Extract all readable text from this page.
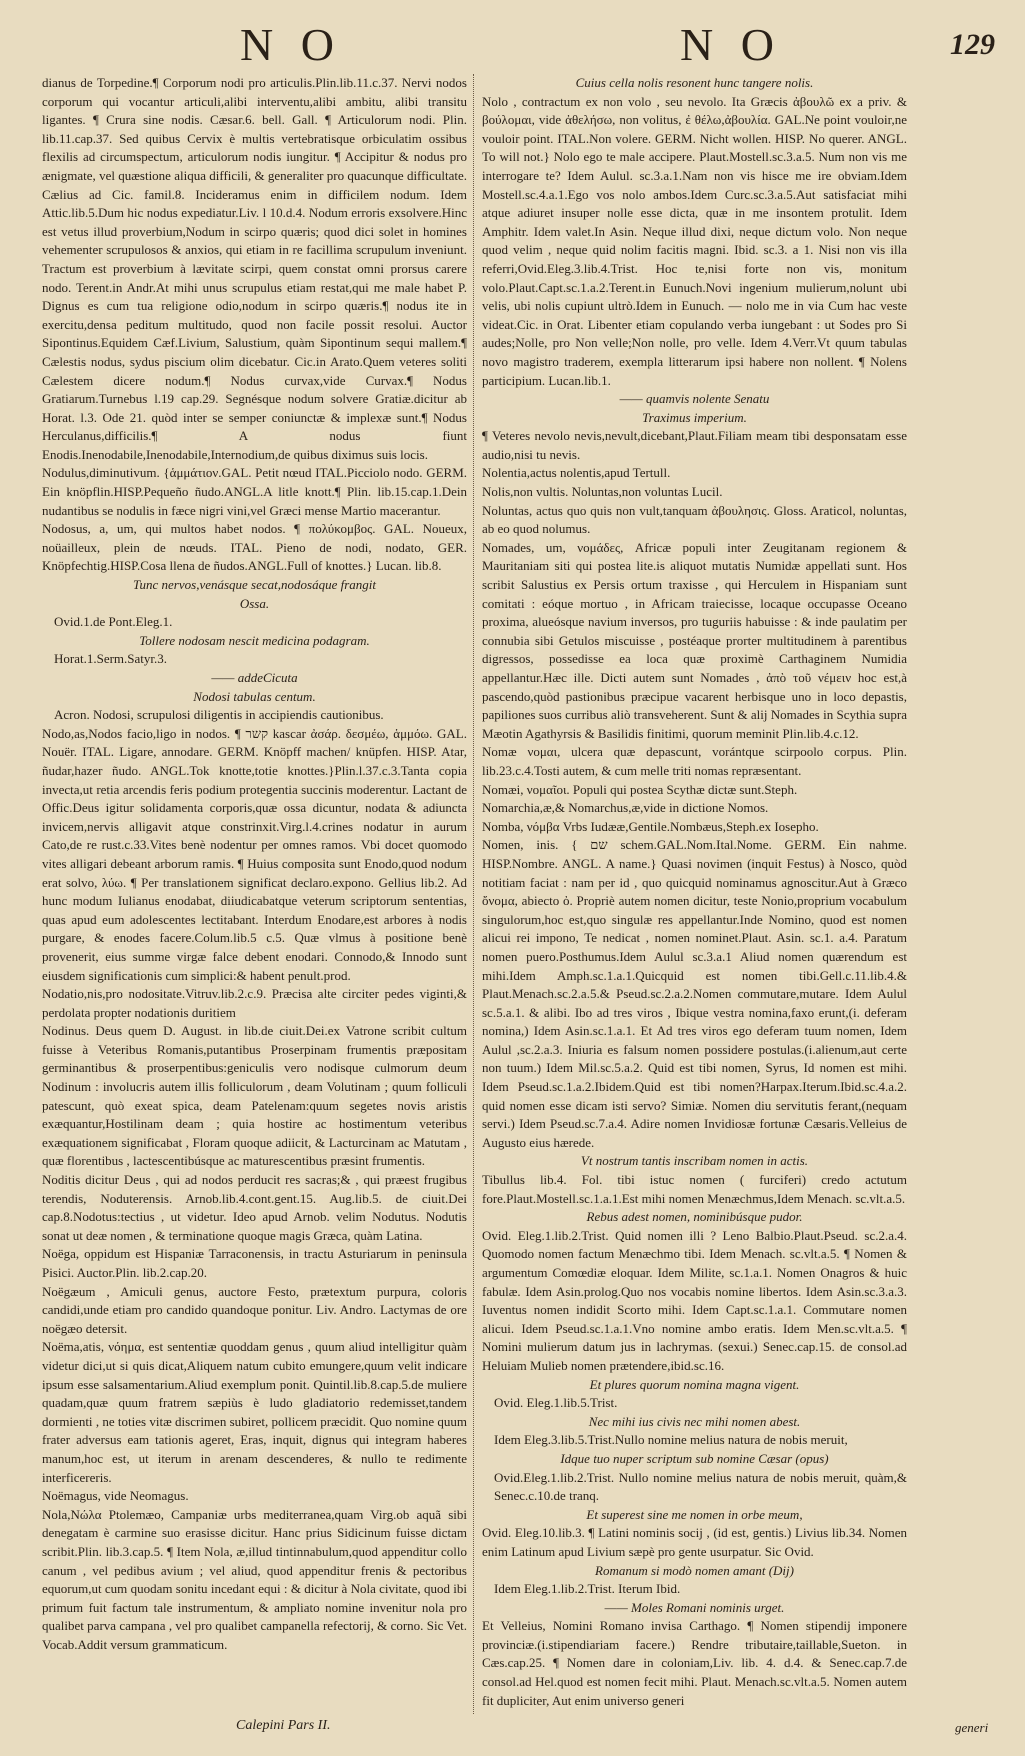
N O	N O	129

dianus de Torpedine.¶ Corporum nodi pro articulis.Plin.lib.11.c.37. Nervi nodos corporum qui vocantur articuli,alibi interventu,alibi ambitu, alibi transitu ligantes. ¶ Crura sine nodis. Cæsar.6. bell. Gall. ¶ Articulorum nodi. Plin. lib.11.cap.37. Sed quibus Cervix è multis vertebratisque orbiculatim ossibus flexilis ad circumspectum, articulorum nodis iungitur. ¶ Accipitur & nodus pro ænigmate, vel quæstione aliqua difficili, & generaliter pro quacunque difficultate. Cælius ad Cic. famil.8. Incideramus enim in difficilem nodum. Idem Attic.lib.5.Dum hic nodus expediatur.Liv. l 10.d.4. Nodum erroris exsolvere.Hinc est vetus illud proverbium,Nodum in scirpo quæris; quod dici solet in homines vehementer scrupulosos & anxios, qui etiam in re facillima scrupulum inveniunt. Tractum est proverbium à lævitate scirpi, quem constat omni prorsus carere nodo. Terent.in Andr.At mihi unus scrupulus etiam restat,qui me male habet P. Dignus es cum tua religione odio,nodum in scirpo quæris.¶ nodus ite in exercitu,densa peditum multitudo, quod non facile possit resolui. Auctor Sipontinus.Equidem Cæf.Livium, Salustium, quàm Sipontinum sequi mallem.¶ Cælestis nodus, sydus piscium olim dicebatur. Cic.in Arato.Quem veteres soliti Cælestem dicere nodum.¶ Nodus curvax,vide Curvax.¶ Nodus Gratiarum.Turnebus l.19 cap.29. Segnésque nodum solvere Gratiæ.dicitur ab Horat. l.3. Ode 21. quòd inter se semper coniunctæ & implexæ sunt.¶ Nodus Herculanus,difficilis.¶ A nodus fiunt Enodis.Inenodabile,Inenodabile,Internodium,de quibus diximus suis locis.

Nodulus,diminutivum. {ἁμμάτιον.GAL. Petit nœud ITAL.Picciolo nodo. GERM. Ein knöpflin.HISP.Pequeño ñudo.ANGL.A litle knott.¶ Plin. lib.15.cap.1.Dein nudantibus se nodulis in fæce nigri vini,vel Græci mense Martio macerantur.

Nodosus, a, um, qui multos habet nodos. ¶ πολύκομβος. GAL. Noueux, noüailleux, plein de nœuds. ITAL. Pieno de nodi, nodato, GER. Knöpfechtig.HISP.Cosa llena de ñudos.ANGL.Full of knottes.} Lucan. lib.8.

Tunc nervos,venásque secat,nodosáque frangit

Ossa.

Ovid.1.de Pont.Eleg.1.

Tollere nodosam nescit medicina podagram.

Horat.1.Serm.Satyr.3.

—— addeCicuta

Nodosi tabulas centum.

Acron. Nodosi, scrupulosi diligentis in accipiendis cautionibus.

Nodo,as,Nodos facio,ligo in nodos. ¶ קשר kascar ἀσάρ. δεσμέω, ἁμμόω. GAL. Nouër. ITAL. Ligare, annodare. GERM. Knöpff machen/ knüpfen. HISP. Atar, ñudar,hazer ñudo. ANGL.Tok knotte,totie knottes.}Plin.l.37.c.3.Tanta copia invecta,ut retia arcendis feris podium protegentia succinis moderentur. Lactant de Offic.Deus igitur solidamenta corporis,quæ ossa dicuntur, nodata & adiuncta invicem,nervis alligavit atque constrinxit.Virg.l.4.crines nodatur in aurum Cato,de re rust.c.33.Vites benè nodentur per omnes ramos. Vbi docet quomodo vites alligari debeant arborum ramis. ¶ Huius composita sunt Enodo,quod nodum erat solvo, λύω. ¶ Per translationem significat declaro.expono. Gellius lib.2. Ad hunc modum Iulianus enodabat, diiudicabatque veterum scriptorum sententias, quas apud eum adolescentes lectitabant. Interdum Enodare,est arbores à nodis purgare, & enodes facere.Colum.lib.5 c.5. Quæ vlmus à positione benè provenerit, eius summe virgæ falce debent enodari. Connodo,& Innodo sunt eiusdem significationis cum simplici:& habent penult.prod.

Nodatio,nis,pro nodositate.Vitruv.lib.2.c.9. Præcisa alte circiter pedes viginti,& perdolata propter nodationis duritiem

Nodinus. Deus quem D. August. in lib.de ciuit.Dei.ex Vatrone scribit cultum fuisse à Veteribus Romanis,putantibus Proserpinam frumentis præpositam germinantibus & proserpentibus:geniculis vero nodisque culmorum deum Nodinum : involucris autem illis folliculorum , deam Volutinam ; quum folliculi patescunt, quò exeat spica, deam Patelenam:quum segetes novis aristis exæquantur,Hostilinam deam ; quia hostire ac hostimentum veteribus exæquationem significabat , Floram quoque adiicit, & Lacturcinam ac Matutam , quæ florentibus , lactescentibúsque ac maturescentibus præsint frumentis.

Noditis dicitur Deus , qui ad nodos perducit res sacras;& , qui præest frugibus terendis, Noduterensis. Arnob.lib.4.cont.gent.15. Aug.lib.5. de ciuit.Dei cap.8.Nodotus:tectius , ut videtur. Ideo apud Arnob. velim Nodutus. Nodutis sonat ut deæ nomen , & terminatione quoque magis Græca, quàm Latina.

Noëga, oppidum est Hispaniæ Tarraconensis, in tractu Asturiarum in peninsula Pisici. Auctor.Plin. lib.2.cap.20.

Noëgæum , Amiculi genus, auctore Festo, prætextum purpura, coloris candidi,unde etiam pro candido quandoque ponitur. Liv. Andro. Lactymas de ore noëgæo detersit.

Noëma,atis, νόημα, est sententiæ quoddam genus , quum aliud intelligitur quàm videtur dici,ut si quis dicat,Aliquem natum cubito emungere,quum velit indicare ipsum esse salsamentarium.Aliud exemplum ponit. Quintil.lib.8.cap.5.de muliere quadam,quæ quum fratrem sæpiùs è ludo gladiatorio redemisset,tandem dormienti , ne toties vitæ discrimen subiret, pollicem præcidit. Quo nomine quum frater adversus eam tationis ageret, Eras, inquit, dignus qui integram haberes manum,hoc est, ut iterum in arenam descenderes, & nullo te redimente interficereris.

Noëmagus, vide Neomagus.

Nola,Νώλα Ptolemæo, Campaniæ urbs mediterranea,quam Virg.ob aquã sibi denegatam è carmine suo erasisse dicitur. Hanc prius Sidicinum fuisse dictam scribit.Plin. lib.3.cap.5. ¶ Item Nola, æ,illud tintinnabulum,quod appenditur collo canum , vel pedibus avium ; vel aliud, quod appenditur frenis & pectoribus equorum,ut cum quodam sonitu incedant equi : & dicitur à Nola civitate, quod ibi primum fuit factum tale instrumentum, & ampliato nomine invenitur nola pro qualibet parva campana , vel pro qualibet campanella refectorij, & corno. Sic Vet. Vocab.Addit versum grammaticum.

Cuius cella nolis resonent hunc tangere nolis.

Nolo , contractum ex non volo , seu nevolo. Ita Græcis ἀβουλῶ ex a priv. & βούλομαι, vide ἀθελήσω, non volitus, ἐ θέλω,ἀβουλία. GAL.Ne point vouloir,ne vouloir point. ITAL.Non volere. GERM. Nicht wollen. HISP. No querer. ANGL. To will not.} Nolo ego te male accipere. Plaut.Mostell.sc.3.a.5. Num non vis me interrogare te? Idem Aulul. sc.3.a.1.Nam non vis hisce me ire obviam.Idem Mostell.sc.4.a.1.Ego vos nolo ambos.Idem Curc.sc.3.a.5.Aut satisfaciat mihi atque adiuret insuper nolle esse dicta, quæ in me insontem protulit. Idem Amphitr. Idem valet.In Asin. Neque illud dixi, neque dictum volo. Non neque quod velim , neque quid nolim facitis magni. Ibid. sc.3. a 1. Nisi non vis illa referri,Ovid.Eleg.3.lib.4.Trist. Hoc te,nisi forte non vis, monitum volo.Plaut.Capt.sc.1.a.2.Terent.in Eunuch.Novi ingenium mulierum,nolunt ubi velis, ubi nolis cupiunt ultrò.Idem in Eunuch. — nolo me in via Cum hac veste videat.Cic. in Orat. Libenter etiam copulando verba iungebant : ut Sodes pro Si audes;Nolle, pro Non velle;Non nolle, pro velle. Idem 4.Verr.Vt quum tabulas novo magistro traderem, exempla litterarum ipsi habere non nollent. ¶ Nolens participium. Lucan.lib.1.

—— quamvis nolente Senatu

Traximus imperium.

¶ Veteres nevolo nevis,nevult,dicebant,Plaut.Filiam meam tibi desponsatam esse audio,nisi tu nevis.

Nolentia,actus nolentis,apud Tertull.

Nolis,non vultis. Noluntas,non voluntas Lucil.

Noluntas, actus quo quis non vult,tanquam ἀβουλησις. Gloss. Araticol, noluntas, ab eo quod nolumus.

Nomades, um, νομάδες, Africæ populi inter Zeugitanam regionem & Mauritaniam siti qui postea lite.is aliquot mutatis Numidæ appellati sunt. Hos scribit Salustius ex Persis ortum traxisse , qui Herculem in Hispaniam sunt comitati : eóque mortuo , in Africam traiecisse, locaque occupasse Oceano proxima, alueósque navium inversos, pro tuguriis habuisse : & inde paulatim per connubia sibi Getulos miscuisse , postéaque prorter multitudinem à parentibus digressos, possedisse ea loca quæ proximè Carthaginem Numidia appellantur.Hæc ille. Dicti autem sunt Nomades , ἀπὸ τοῦ νέμειν hoc est,à pascendo,quòd pastionibus præcipue vacarent herbisque uno in loco depastis, papiliones suos curribus aliò transveherent. Sunt & alij Nomades in Scythia supra Mæotin Agathyrsis & Basilidis finitimi, quorum meminit Plin.lib.4.c.12.

Nomæ νομαι, ulcera quæ depascunt, vorántque scirpoolo corpus. Plin. lib.23.c.4.Tosti autem, & cum melle triti nomas repræsentant.

Nomæi, νομαῖοι. Populi qui postea Scythæ dictæ sunt.Steph.

Nomarchia,æ,& Nomarchus,æ,vide in dictione Nomos.

Nomba, νόμβα Vrbs Iudææ,Gentile.Nombæus,Steph.ex Iosepho.

Nomen, inis. { שם schem.GAL.Nom.Ital.Nome. GERM. Ein nahme. HISP.Nombre. ANGL. A name.} Quasi novimen (inquit Festus) à Nosco, quòd notitiam faciat : nam per id , quo quicquid nominamus agnoscitur.Aut à Græco ὄνομα, abiecto ὀ. Propriè autem nomen dicitur, teste Nonio,proprium vocabulum singulorum,hoc est,quo singulæ res appellantur.Inde Nomino, quod est nomen alicui rei impono, Te nedicat , nomen nominet.Plaut. Asin. sc.1. a.4. Paratum nomen puero.Posthumus.Idem Aulul sc.3.a.1 Aliud nomen quærendum est mihi.Idem Amph.sc.1.a.1.Quicquid est nomen tibi.Gell.c.11.lib.4.& Plaut.Menach.sc.2.a.5.& Pseud.sc.2.a.2.Nomen commutare,mutare. Idem Aulul sc.5.a.1. & alibi. Ibo ad tres viros , Ibique vestra nomina,faxo erunt,(i. deferam nomina,) Idem Asin.sc.1.a.1. Et Ad tres viros ego deferam tuum nomen, Idem Aulul ,sc.2.a.3. Iniuria es falsum nomen possidere postulas.(i.alienum,aut certe non tuum.) Idem Mil.sc.5.a.2. Quid est tibi nomen, Syrus, Id nomen est mihi. Idem Pseud.sc.1.a.2.Ibidem.Quid est tibi nomen?Harpax.Iterum.Ibid.sc.4.a.2. quid nomen esse dicam isti servo? Simiæ. Nomen diu servitutis ferant,(nequam servi.) Idem Pseud.sc.7.a.4. Adire nomen Invidiosæ fortunæ Cæsaris.Velleius de Augusto eius hærede.

Vt nostrum tantis inscribam nomen in actis.

Tibullus lib.4. Fol. tibi istuc nomen ( furciferi) credo actutum fore.Plaut.Mostell.sc.1.a.1.Est mihi nomen Menæchmus,Idem Menach. sc.vlt.a.5.

Rebus adest nomen, nominibúsque pudor.

Ovid. Eleg.1.lib.2.Trist. Quid nomen illi ? Leno Balbio.Plaut.Pseud. sc.2.a.4. Quomodo nomen factum Menæchmo tibi. Idem Menach. sc.vlt.a.5. ¶ Nomen & argumentum Comœdiæ eloquar. Idem Milite, sc.1.a.1. Nomen Onagros & huic fabulæ. Idem Asin.prolog.Quo nos vocabis nomine libertos. Idem Asin.sc.3.a.3. Iuventus nomen indidit Scorto mihi. Idem Capt.sc.1.a.1. Commutare nomen alicui. Idem Pseud.sc.1.a.1.Vno nomine ambo eratis. Idem Men.sc.vlt.a.5. ¶ Nomini mulierum datum jus in lachrymas. (sexui.) Senec.cap.15. de consol.ad Heluiam Mulieb nomen prætendere,ibid.sc.16.

Et plures quorum nomina magna vigent.

Ovid. Eleg.1.lib.5.Trist.

Nec mihi ius civis nec mihi nomen abest.

Idem Eleg.3.lib.5.Trist.Nullo nomine melius natura de nobis meruit,

Idque tuo nuper scriptum sub nomine Cæsar (opus)

Ovid.Eleg.1.lib.2.Trist. Nullo nomine melius natura de nobis meruit, quàm,& Senec.c.10.de tranq.

Et superest sine me nomen in orbe meum,

Ovid. Eleg.10.lib.3. ¶ Latini nominis socij , (id est, gentis.) Livius lib.34. Nomen enim Latinum apud Livium sæpè pro gente usurpatur. Sic Ovid.

Romanum si modò nomen amant (Dij)

Idem Eleg.1.lib.2.Trist. Iterum Ibid.

—— Moles Romani nominis urget.

Et Velleius, Nomini Romano invisa Carthago. ¶ Nomen stipendij imponere provinciæ.(i.stipendiariam facere.) Rendre tributaire,taillable,Sueton. in Cæs.cap.25. ¶ Nomen dare in coloniam,Liv. lib. 4. d.4. & Senec.cap.7.de consol.ad Hel.quod est nomen fecit mihi. Plaut. Menach.sc.vlt.a.5. Nomen autem fit dupliciter, Aut enim universo generi

Calepini Pars II.	generi
